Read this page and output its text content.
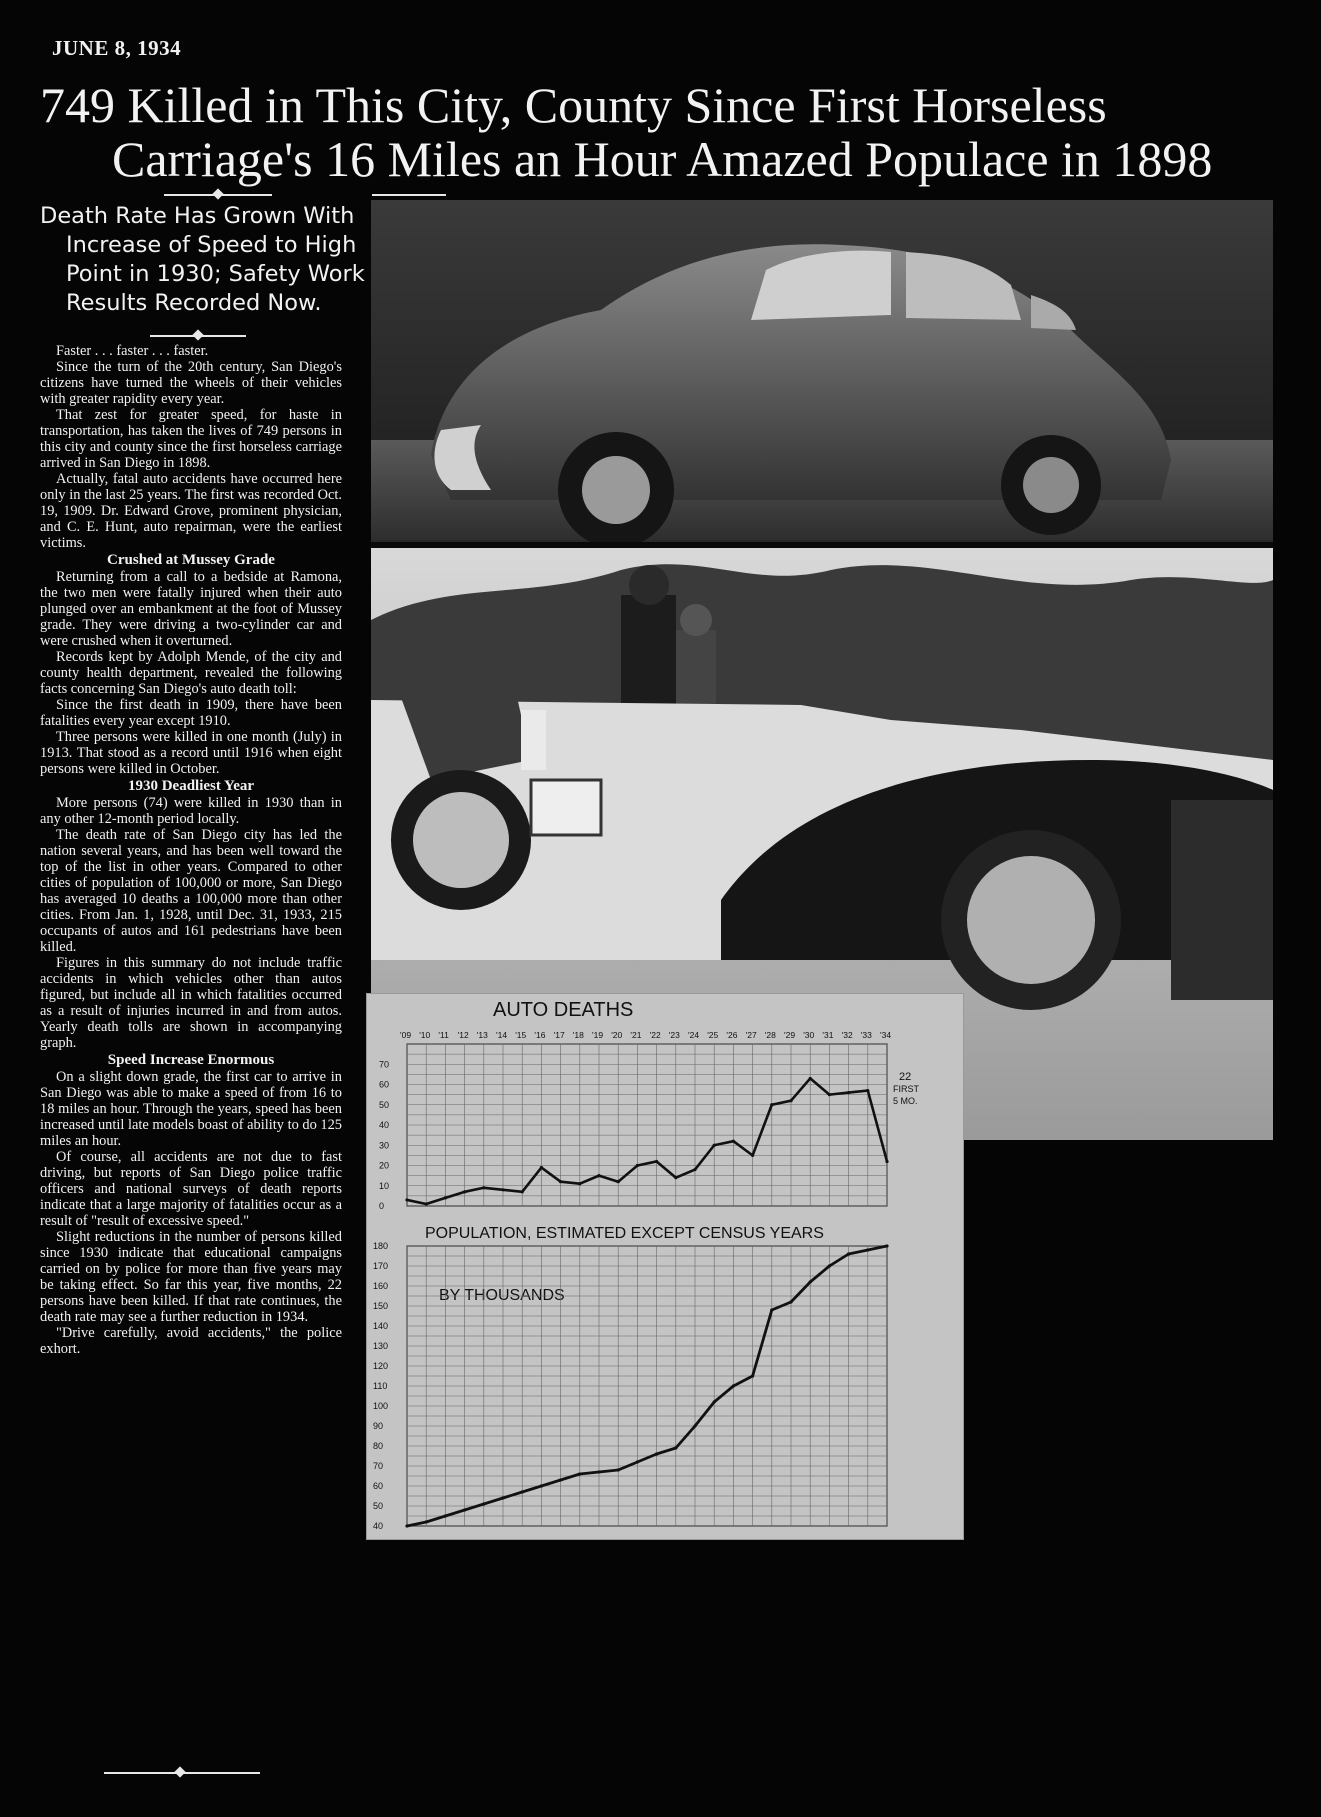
JUNE 8, 1934
749 Killed in This City, County Since First Horseless
Carriage's 16 Miles an Hour Amazed Populace in 1898
Death Rate Has Grown With
Increase of Speed to High
Point in 1930; Safety Work
Results Recorded Now.

Faster . . . faster . . . faster.

Since the turn of the 20th century, San Diego's citizens have turned the wheels of their vehicles with greater rapidity every year.

That zest for greater speed, for haste in transportation, has taken the lives of 749 persons in this city and county since the first horseless carriage arrived in San Diego in 1898.

Actually, fatal auto accidents have occurred here only in the last 25 years. The first was recorded Oct. 19, 1909. Dr. Edward Grove, prominent physician, and C. E. Hunt, auto repairman, were the earliest victims.

Crushed at Mussey Grade

Returning from a call to a bedside at Ramona, the two men were fatally injured when their auto plunged over an embankment at the foot of Mussey grade. They were driving a two-cylinder car and were crushed when it overturned.

Records kept by Adolph Mende, of the city and county health department, revealed the following facts concerning San Diego's auto death toll:

Since the first death in 1909, there have been fatalities every year except 1910.

Three persons were killed in one month (July) in 1913. That stood as a record until 1916 when eight persons were killed in October.

1930 Deadliest Year

More persons (74) were killed in 1930 than in any other 12-month period locally.

The death rate of San Diego city has led the nation several years, and has been well toward the top of the list in other years. Compared to other cities of population of 100,000 or more, San Diego has averaged 10 deaths a 100,000 more than other cities. From Jan. 1, 1928, until Dec. 31, 1933, 215 occupants of autos and 161 pedestrians have been killed.

Figures in this summary do not include traffic accidents in which vehicles other than autos figured, but include all in which fatalities occurred as a result of injuries incurred in and from autos. Yearly death tolls are shown in accompanying graph.

Speed Increase Enormous

On a slight down grade, the first car to arrive in San Diego was able to make a speed of from 16 to 18 miles an hour. Through the years, speed has been increased until late models boast of ability to do 125 miles an hour.

Of course, all accidents are not due to fast driving, but reports of San Diego police traffic officers and national surveys of death reports indicate that a large majority of fatalities occur as a result of "result of excessive speed."

Slight reductions in the number of persons killed since 1930 indicate that educational campaigns carried on by police for more than five years may be taking effect. So far this year, five months, 22 persons have been killed. If that rate continues, the death rate may see a further reduction in 1934.

"Drive carefully, avoid accidents," the police exhort.

AUTO DEATHS
POPULATION, ESTIMATED EXCEPT CENSUS YEARS
BY THOUSANDS
'09 '10 '11 '12 '13 '14 '15 '16 '17 '18 '19 '20 '21 '22 '23 '24 '25 '26 '27 '28 '29 '30 '31 '32 '33 '34
0
10
20
30
40
50
60
70
40
50
60
70
80
90
100
110
120
130
140
150
160
170
180
22
FIRST
5 MO.
